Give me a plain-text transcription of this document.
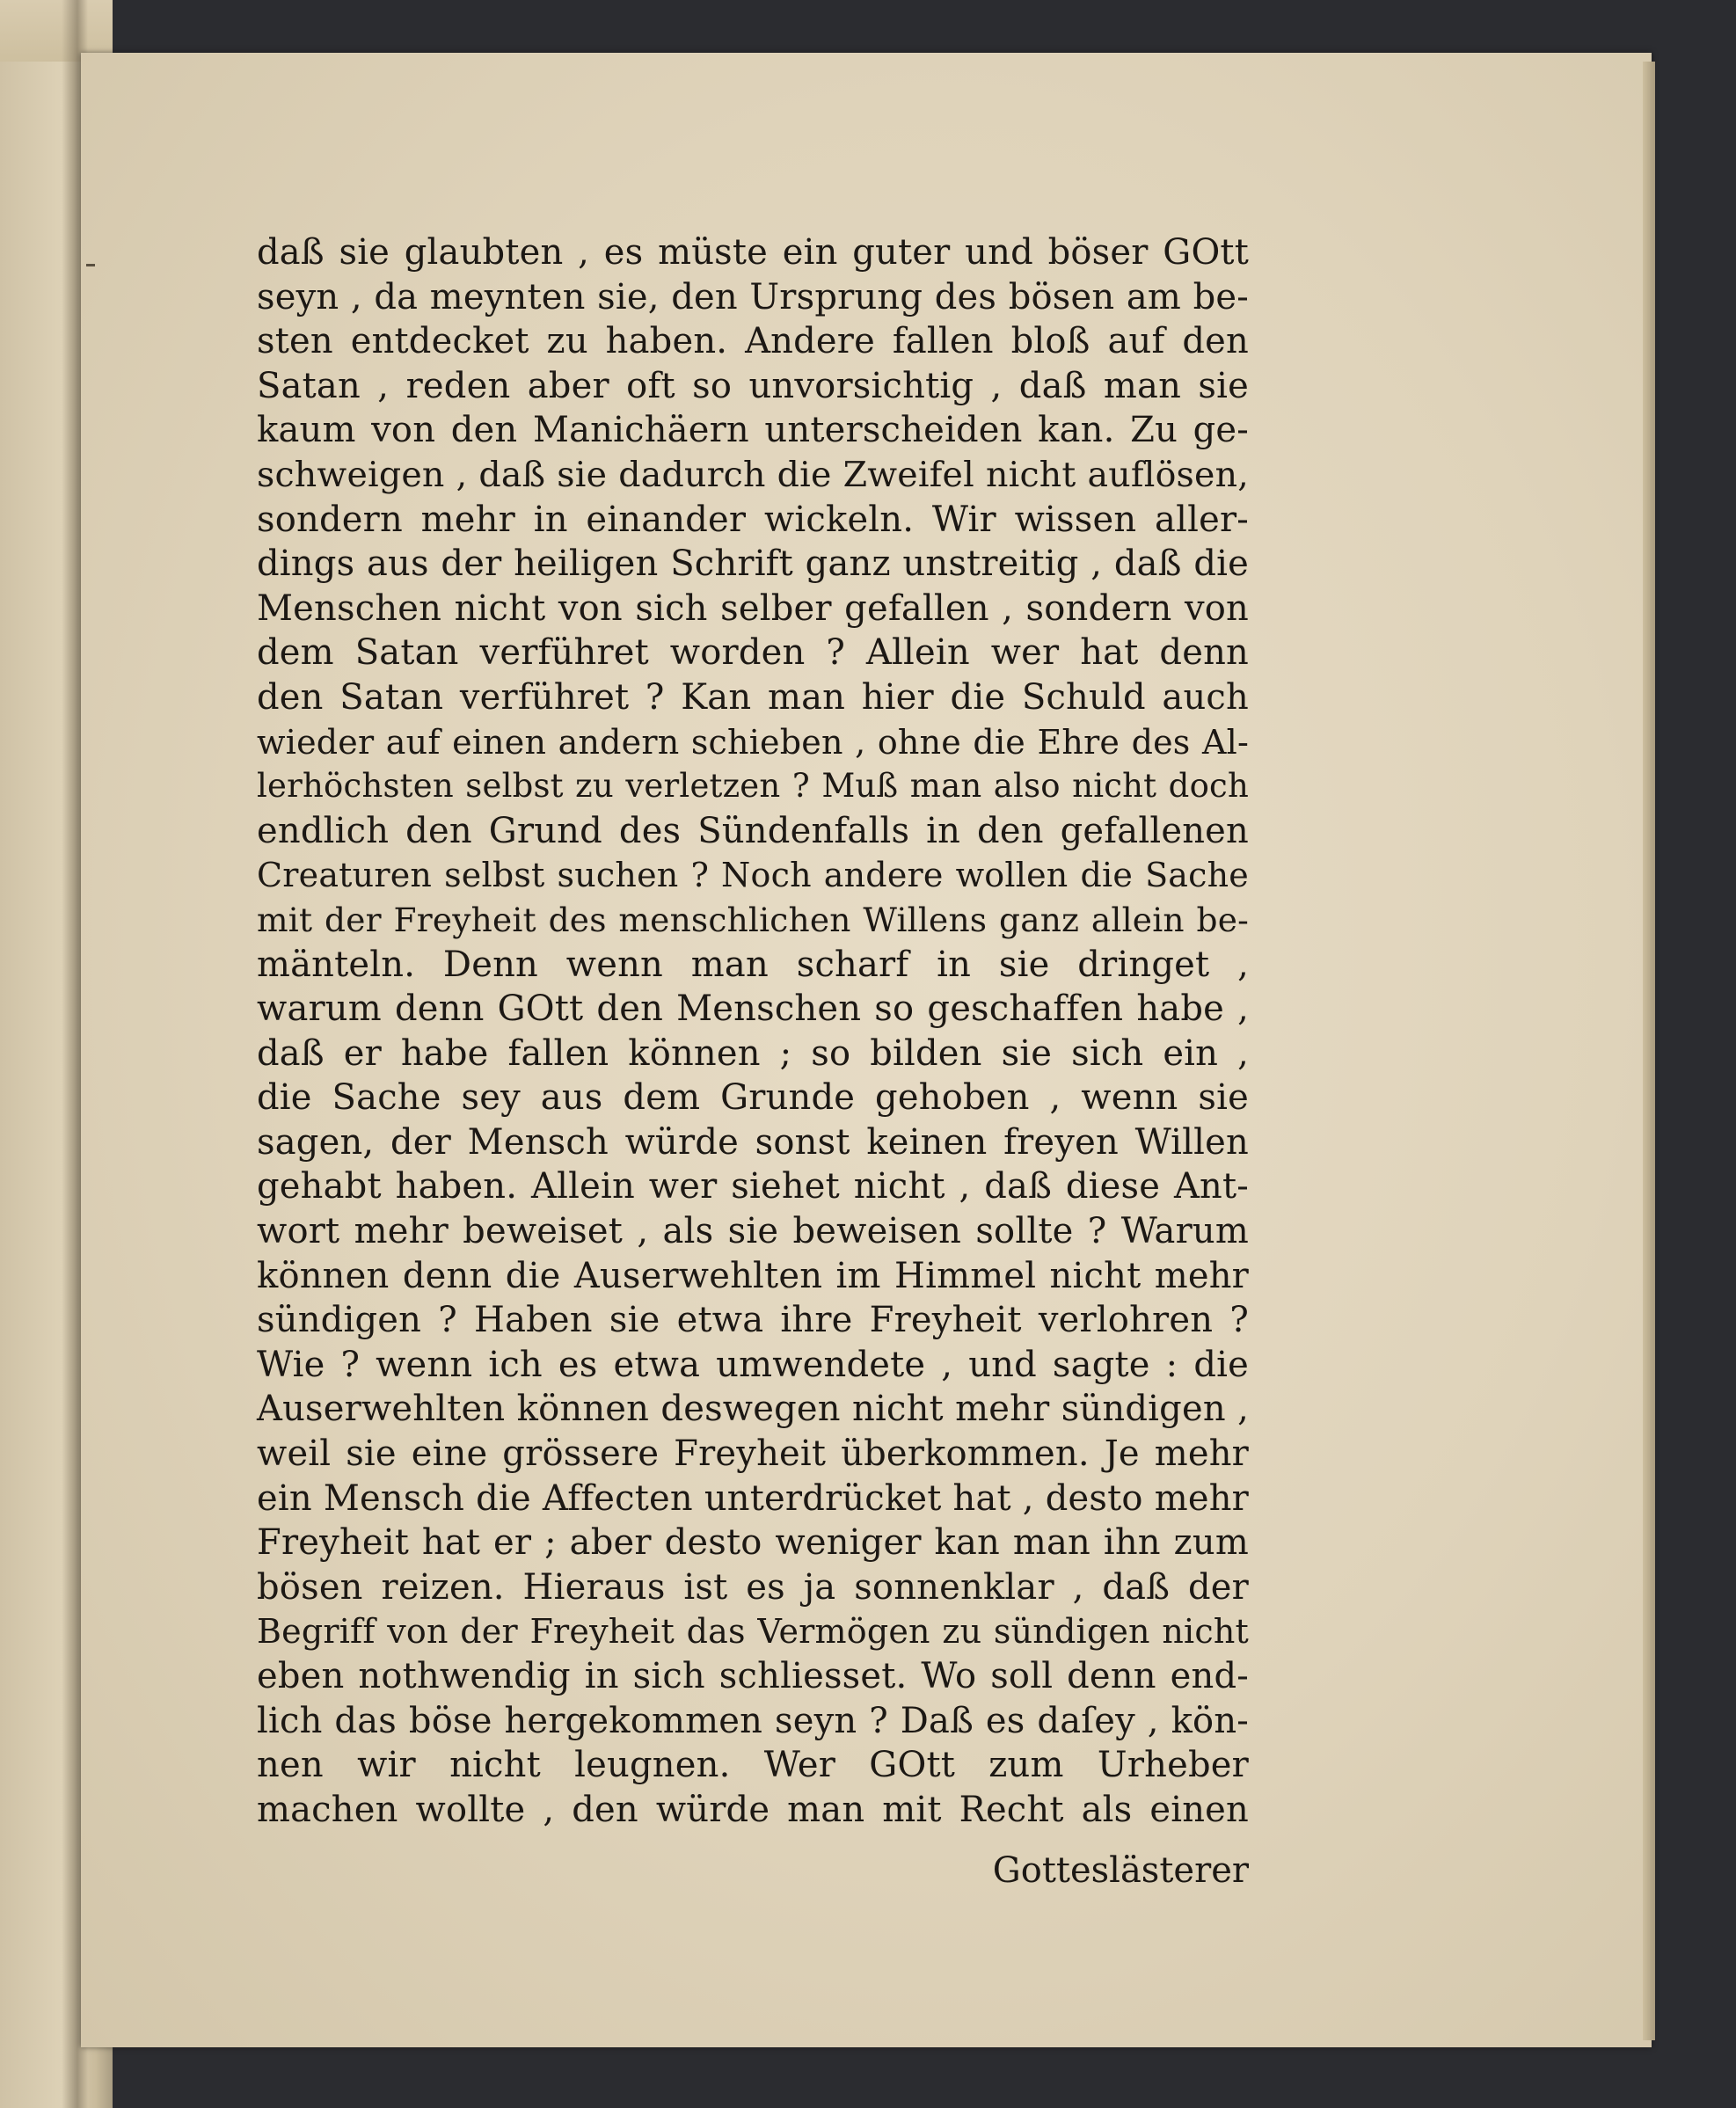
daß sie glaubten , es müste ein guter und böser GOtt
seyn , da meynten sie, den Ursprung des bösen am be-
sten entdecket zu haben. Andere fallen bloß auf den
Satan , reden aber oft so unvorsichtig , daß man sie
kaum von den Manichäern unterscheiden kan. Zu ge-
schweigen , daß sie dadurch die Zweifel nicht auflösen,
sondern mehr in einander wickeln. Wir wissen aller-
dings aus der heiligen Schrift ganz unstreitig , daß die
Menschen nicht von sich selber gefallen , sondern von
dem Satan verführet worden ? Allein wer hat denn
den Satan verführet ? Kan man hier die Schuld auch
wieder auf einen andern schieben , ohne die Ehre des Al-
lerhöchsten selbst zu verletzen ? Muß man also nicht doch
endlich den Grund des Sündenfalls in den gefallenen
Creaturen selbst suchen ? Noch andere wollen die Sache
mit der Freyheit des menschlichen Willens ganz allein be-
mänteln. Denn wenn man scharf in sie dringet ,
warum denn GOtt den Menschen so geschaffen habe ,
daß er habe fallen können ; so bilden sie sich ein ,
die Sache sey aus dem Grunde gehoben , wenn sie
sagen, der Mensch würde sonst keinen freyen Willen
gehabt haben. Allein wer siehet nicht , daß diese Ant-
wort mehr beweiset , als sie beweisen sollte ? Warum
können denn die Auserwehlten im Himmel nicht mehr
sündigen ? Haben sie etwa ihre Freyheit verlohren ?
Wie ? wenn ich es etwa umwendete , und sagte : die
Auserwehlten können deswegen nicht mehr sündigen ,
weil sie eine grössere Freyheit überkommen. Je mehr
ein Mensch die Affecten unterdrücket hat , desto mehr
Freyheit hat er ; aber desto weniger kan man ihn zum
bösen reizen. Hieraus ist es ja sonnenklar , daß der
Begriff von der Freyheit das Vermögen zu sündigen nicht
eben nothwendig in sich schliesset. Wo soll denn end-
lich das böse hergekommen seyn ? Daß es daſey , kön-
nen wir nicht leugnen. Wer GOtt zum Urheber
machen wollte , den würde man mit Recht als einen
Gotteslästerer
